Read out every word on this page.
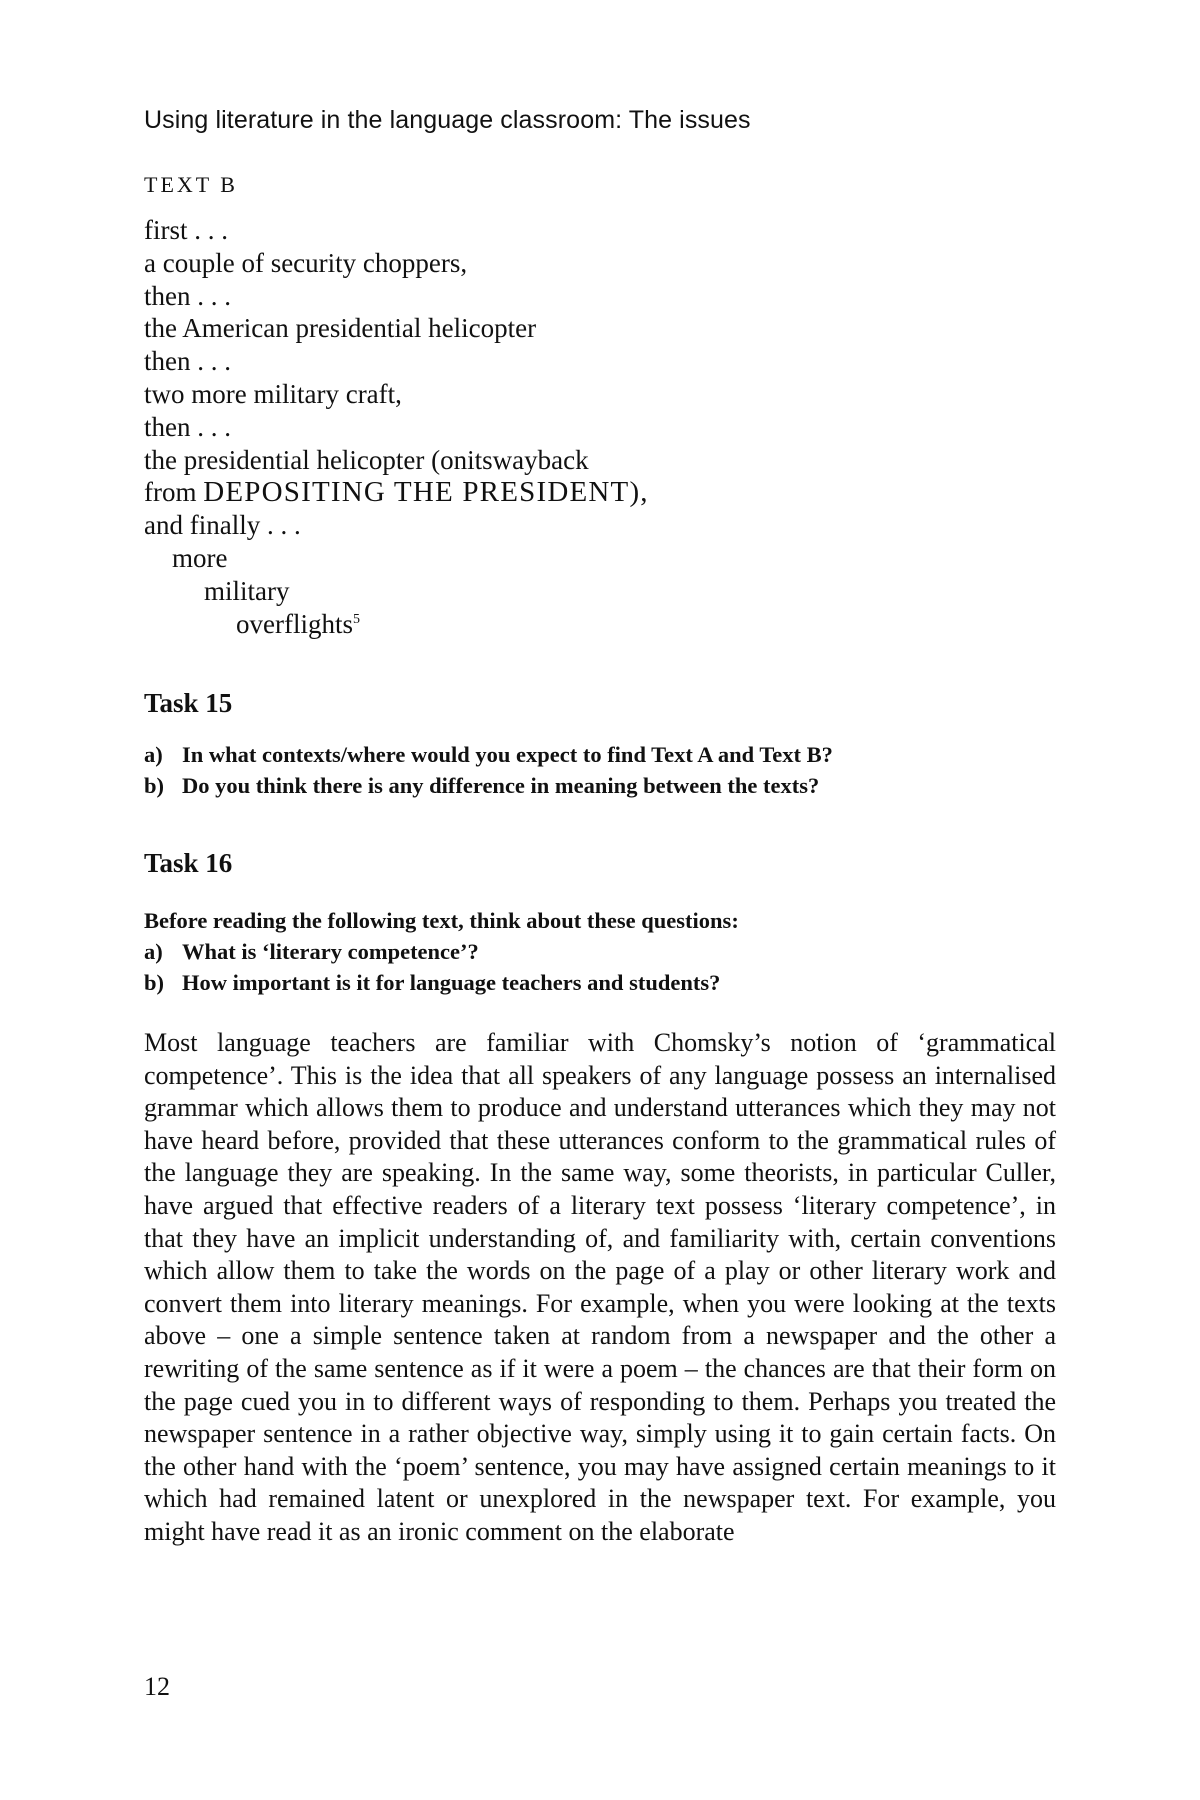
Using literature in the language classroom: The issues
TEXT B
first . . .
a couple of security choppers,
then . . .
the American presidential helicopter
then . . .
two more military craft,
then . . .
the presidential helicopter (onitswayback
from DEPOSITING THE PRESIDENT),
and finally . . .
more
military
overflights$^5$
Task 15
a) In what contexts/where would you expect to find Text A and Text B?
b) Do you think there is any difference in meaning between the texts?
Task 16
Before reading the following text, think about these questions:
a) What is ‘literary competence’?
b) How important is it for language teachers and students?

Most language teachers are familiar with Chomsky’s notion of ‘grammatical competence’. This is the idea that all speakers of any language possess an internalised grammar which allows them to produce and understand utterances which they may not have heard before, provided that these utterances conform to the grammatical rules of the language they are speaking. In the same way, some theorists, in particular Culler, have argued that effective readers of a literary text possess ‘literary competence’, in that they have an implicit understanding of, and familiarity with, certain conventions which allow them to take the words on the page of a play or other literary work and convert them into literary meanings. For example, when you were looking at the texts above – one a simple sentence taken at random from a newspaper and the other a rewriting of the same sentence as if it were a poem – the chances are that their form on the page cued you in to different ways of responding to them. Perhaps you treated the newspaper sentence in a rather objective way, simply using it to gain certain facts. On the other hand with the ‘poem’ sentence, you may have assigned certain meanings to it which had remained latent or unexplored in the newspaper text. For example, you might have read it as an ironic comment on the elaborate

12
